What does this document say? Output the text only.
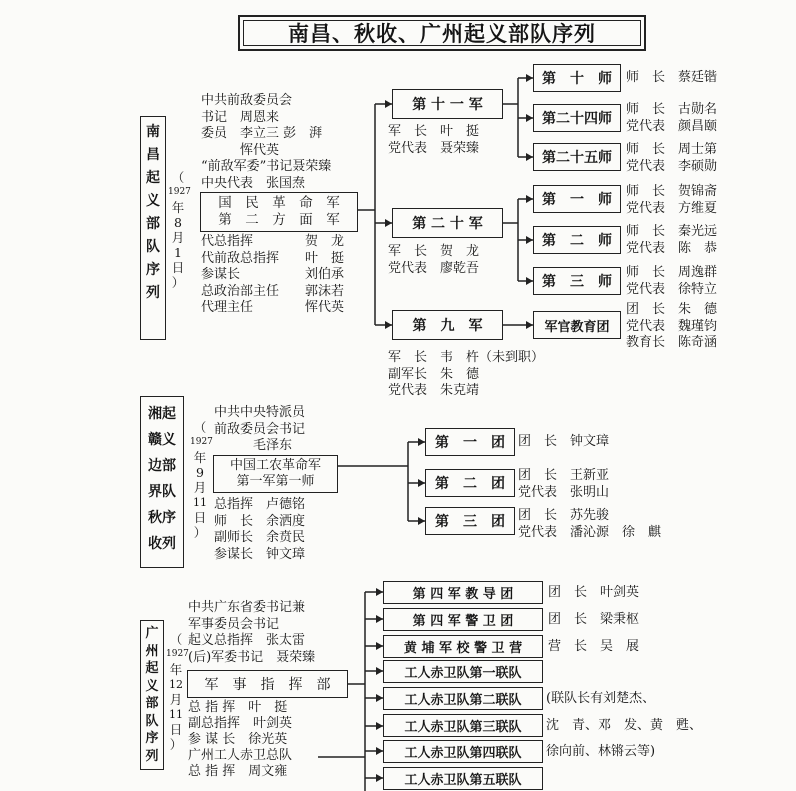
南昌、秋收、广州起义部队序列
南
昌
起
义
部
队
序
列
（
1927
年
8
月
1
日
）
中共前敌委员会
书记　周恩来
委员　李立三 彭　湃
　　　恽代英
“前敌军委”书记聂荣臻
中央代表　张国焘
国　民　革　命　军
第　二　方　面　军
代总指挥　　　　贺　龙
代前敌总指挥　　叶　挺
参谋长　　　　　刘伯承
总政治部主任　　郭沫若
代理主任　　　　恽代英
第 十 一 军
军　长　叶　挺
党代表　聂荣臻
第 二 十 军
军　长　贺　龙
党代表　廖乾吾
第　九　军
军　长　韦　杵（未到职）
副军长　朱　德
党代表　朱克靖
第　十　师 师　长　蔡廷锴
第二十四师
师　长　古勋名
党代表　颜昌颐
第二十五师
师　长　周士第
党代表　李硕勋
第　一　师
师　长　贺锦斋
党代表　方维夏
第　二　师
师　长　秦光远
党代表　陈　恭
第　三　师
师　长　周逸群
党代表　徐特立
军官教育团
团　长　朱　德
党代表　魏瑾钧
教育长　陈奇涵
湘起
赣义
边部
界队
秋序
收列
（
1927
年
9
月
11
日
）
中共中央特派员
前敌委员会书记
　　　毛泽东
中国工农革命军
第一军第一师
总指挥　卢德铭
师　长　余洒度
副师长　余贲民
参谋长　钟文璋
第　一　团 团　长　钟文璋
第　二　团
团　长　王新亚
党代表　张明山
第　三　团 团　长　苏先骏
党代表　潘沁源　徐　麒
广
州
起
义
部
队
序
列
（
1927
年
12
月
11
日
）
中共广东省委书记兼
军事委员会书记
起义总指挥　张太雷
(后)军委书记　聂荣臻
军　事　指　挥　部
总 指 挥　叶　挺
副总指挥　叶剑英
参 谋 长　徐光英
广州工人赤卫总队
总 指 挥　周文雍
第 四 军 教 导 团	团　长　叶剑英
第 四 军 警 卫 团	团　长　梁秉枢
黄 埔 军 校 警 卫 营 营　长　吴　展
工人赤卫队第一联队
工人赤卫队第二联队 (联队长有刘楚杰、
工人赤卫队第三联队 沈　青、邓　发、黄　甦、
工人赤卫队第四联队 徐向前、林锵云等)
工人赤卫队第五联队
